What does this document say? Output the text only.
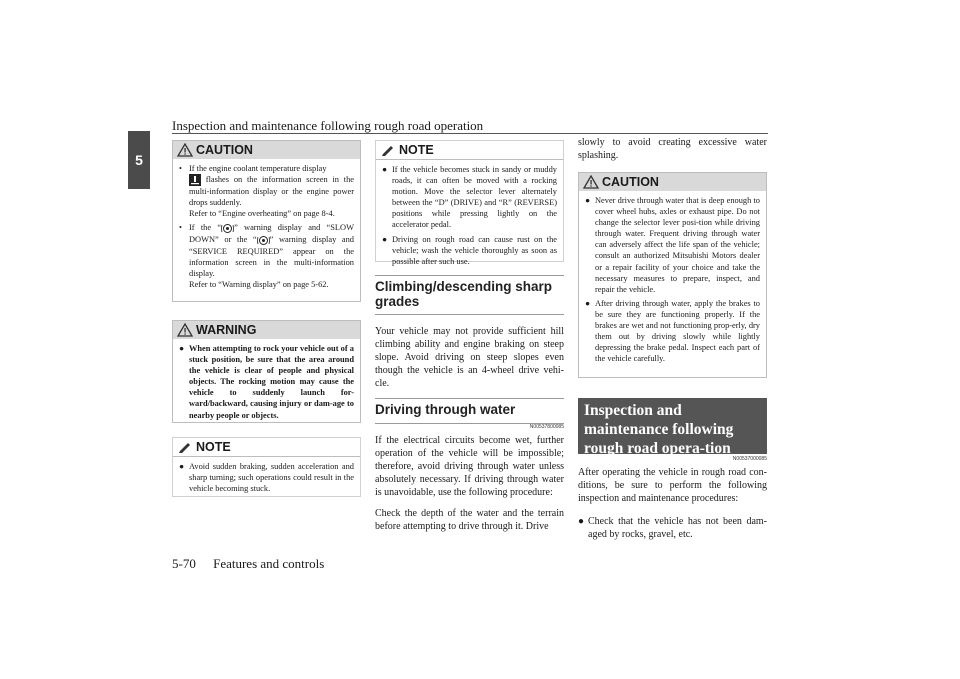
Inspection and maintenance following rough road operation
5
CAUTION
• If the engine coolant temperature display
flashes on the information screen in the multi-information display or the engine power drops suddenly.
Refer to “Engine overheating” on page 8-4.
• If the “ ” warning display and “SLOW DOWN” or the “ ” warning display and “SERVICE REQUIRED” appear on the information screen in the multi-information display.
Refer to “Warning display” on page 5-62.
WARNING
● When attempting to rock your vehicle out of a stuck position, be sure that the area around the vehicle is clear of people and physical objects. The rocking motion may cause the vehicle to suddenly launch for-ward/backward, causing injury or dam-age to nearby people or objects.
NOTE
● Avoid sudden braking, sudden acceleration and sharp turning; such operations could result in the vehicle becoming stuck.
NOTE
● If the vehicle becomes stuck in sandy or muddy roads, it can often be moved with a rocking motion. Move the selector lever alternately between the “D” (DRIVE) and “R” (REVERSE) positions while pressing lightly on the accelerator pedal.
● Driving on rough road can cause rust on the vehicle; wash the vehicle thoroughly as soon as possible after such use.
Climbing/descending sharp grades
Your vehicle may not provide sufficient hill climbing ability and engine braking on steep slope. Avoid driving on steep slopes even though the vehicle is an 4-wheel drive vehi-cle.
Driving through water
N00537800085
If the electrical circuits become wet, further operation of the vehicle will be impossible; therefore, avoid driving through water unless absolutely necessary. If driving through water is unavoidable, use the following procedure:
Check the depth of the water and the terrain before attempting to drive through it. Drive
slowly to avoid creating excessive water splashing.
CAUTION
● Never drive through water that is deep enough to cover wheel hubs, axles or exhaust pipe. Do not change the selector lever posi-tion while driving through water. Frequent driving through water can adversely affect the life span of the vehicle; consult an authorized Mitsubishi Motors dealer or a repair facility of your choice and take the necessary measures to prepare, inspect, and repair the vehicle.
● After driving through water, apply the brakes to be sure they are functioning properly. If the brakes are wet and not functioning prop-erly, dry them out by driving slowly while lightly depressing the brake pedal. Inspect each part of the vehicle carefully.
Inspection and maintenance following rough road opera-tion
N00537000085
After operating the vehicle in rough road con-ditions, be sure to perform the following inspection and maintenance procedures:
● Check that the vehicle has not been dam-aged by rocks, gravel, etc.
5-70 Features and controls
